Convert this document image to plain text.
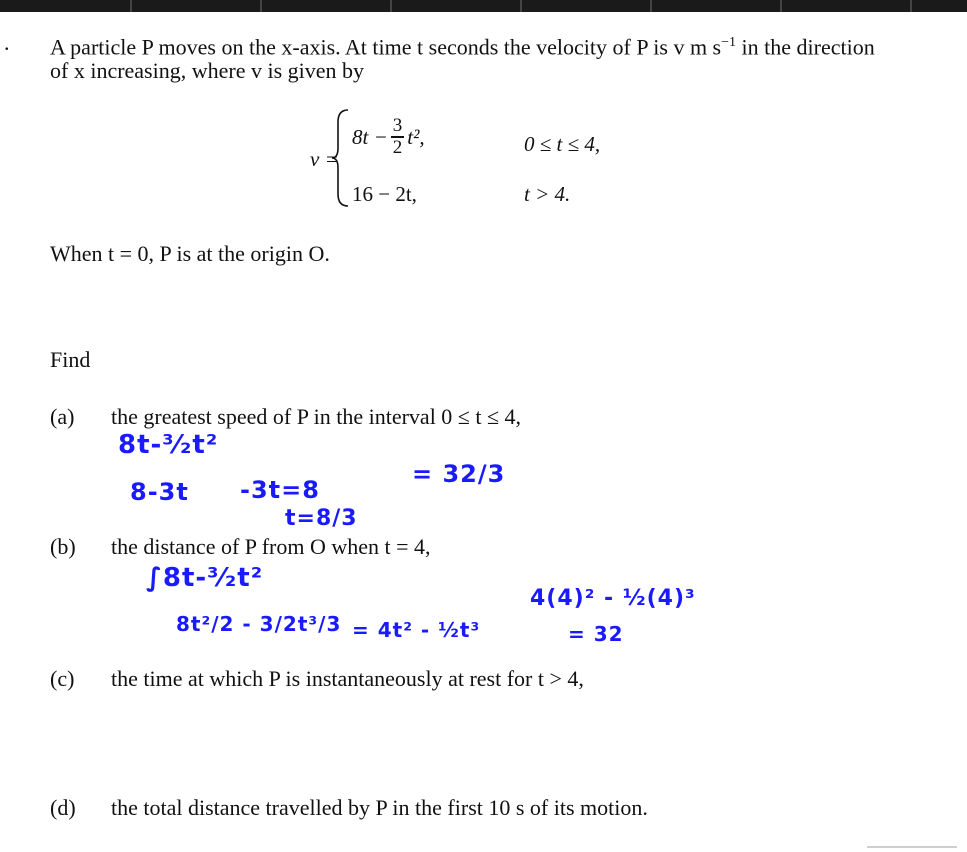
. A particle P moves on the x-axis. At time t seconds the velocity of P is v m $s^{-1}$ in the direction
of x increasing, where v is given by
v =
$8t - \frac{3}{2} t^2$,	0 ≤ t ≤ 4,
16 − 2t,	t > 4.
When t = 0, P is at the origin O.
Find
(a) the greatest speed of P in the interval 0 ≤ t ≤ 4,
(b) the distance of P from O when t = 4,
(c) the time at which P is instantaneously at rest for t > 4,
(d) the total distance travelled by P in the first 10 s of its motion.
8t-³⁄₂t²
8-3t -3t=8
t=8/3
= 32/3
∫8t-³⁄₂t²
8t²/2 - 3/2t³/3 = 4t² - ½t³
4(4)² - ½(4)³
= 32
